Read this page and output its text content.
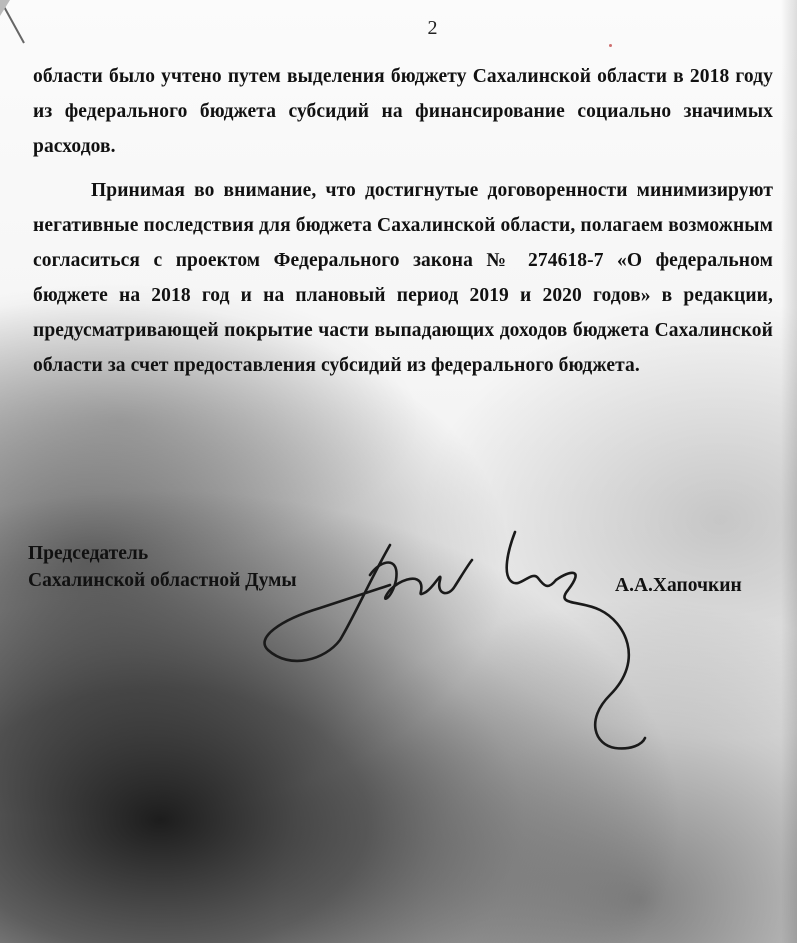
2
области было учтено путем выделения бюджету Сахалинской области в 2018 году из федерального бюджета субсидий на финансирование социально значимых расходов.
Принимая во внимание, что достигнутые договоренности минимизируют негативные последствия для бюджета Сахалинской области, полагаем возможным согласиться с проектом Федерального закона № 274618-7 «О федеральном бюджете на 2018 год и на плановый период 2019 и 2020 годов» в редакции, предусматривающей покрытие части выпадающих доходов бюджета Сахалинской области за счет предоставления субсидий из федерального бюджета.
Председатель
Сахалинской областной Думы	А.А.Хапочкин
